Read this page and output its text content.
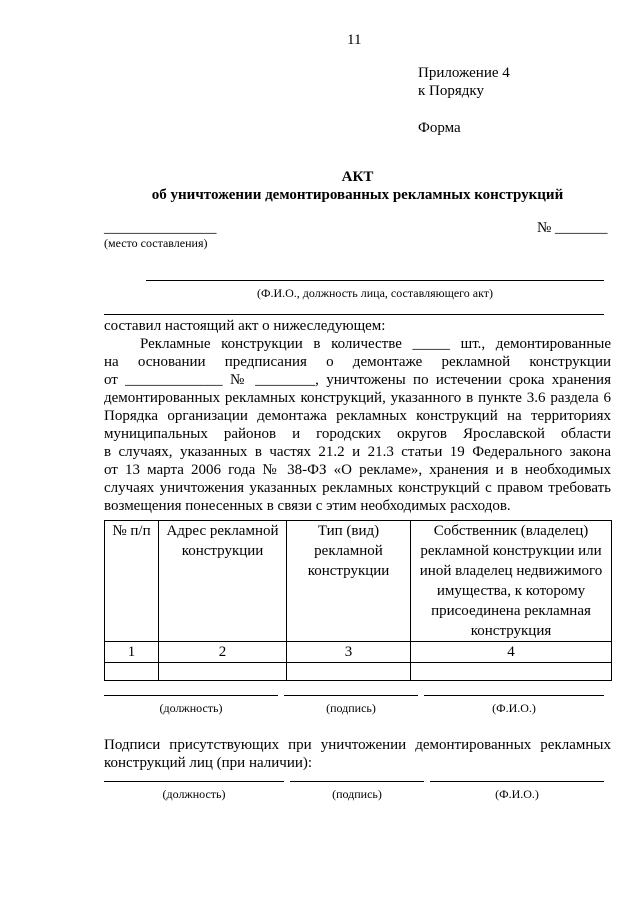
11
Приложение 4
к Порядку
Форма
АКТ
об уничтожении демонтированных рекламных конструкций
_______________
(место составления)
№ _______
(Ф.И.О., должность лица, составляющего акт)
составил настоящий акт о нижеследующем:
Рекламные конструкции в количестве _____ шт., демонтированные
на основании предписания о демонтаже рекламной конструкции
от _____________ № ________, уничтожены по истечении срока хранения
демонтированных рекламных конструкций, указанного в пункте 3.6 раздела 6
Порядка организации демонтажа рекламных конструкций на территориях
муниципальных районов и городских округов Ярославской области
в случаях, указанных в частях 21.2 и 21.3 статьи 19 Федерального закона
от 13 марта 2006 года № 38-ФЗ «О рекламе», хранения и в необходимых
случаях уничтожения указанных рекламных конструкций с правом требовать
возмещения понесенных в связи с этим необходимых расходов.
№ п/п	Адрес рекламной конструкции	Тип (вид) рекламной конструкции	Собственник (владелец) рекламной конструкции или иной владелец недвижимого имущества, к которому присоединена рекламная конструкция
1	2	3	4

(должность)	(подпись)	(Ф.И.О.)
Подписи присутствующих при уничтожении демонтированных рекламных
конструкций лиц (при наличии):
(должность)	(подпись)	(Ф.И.О.)
